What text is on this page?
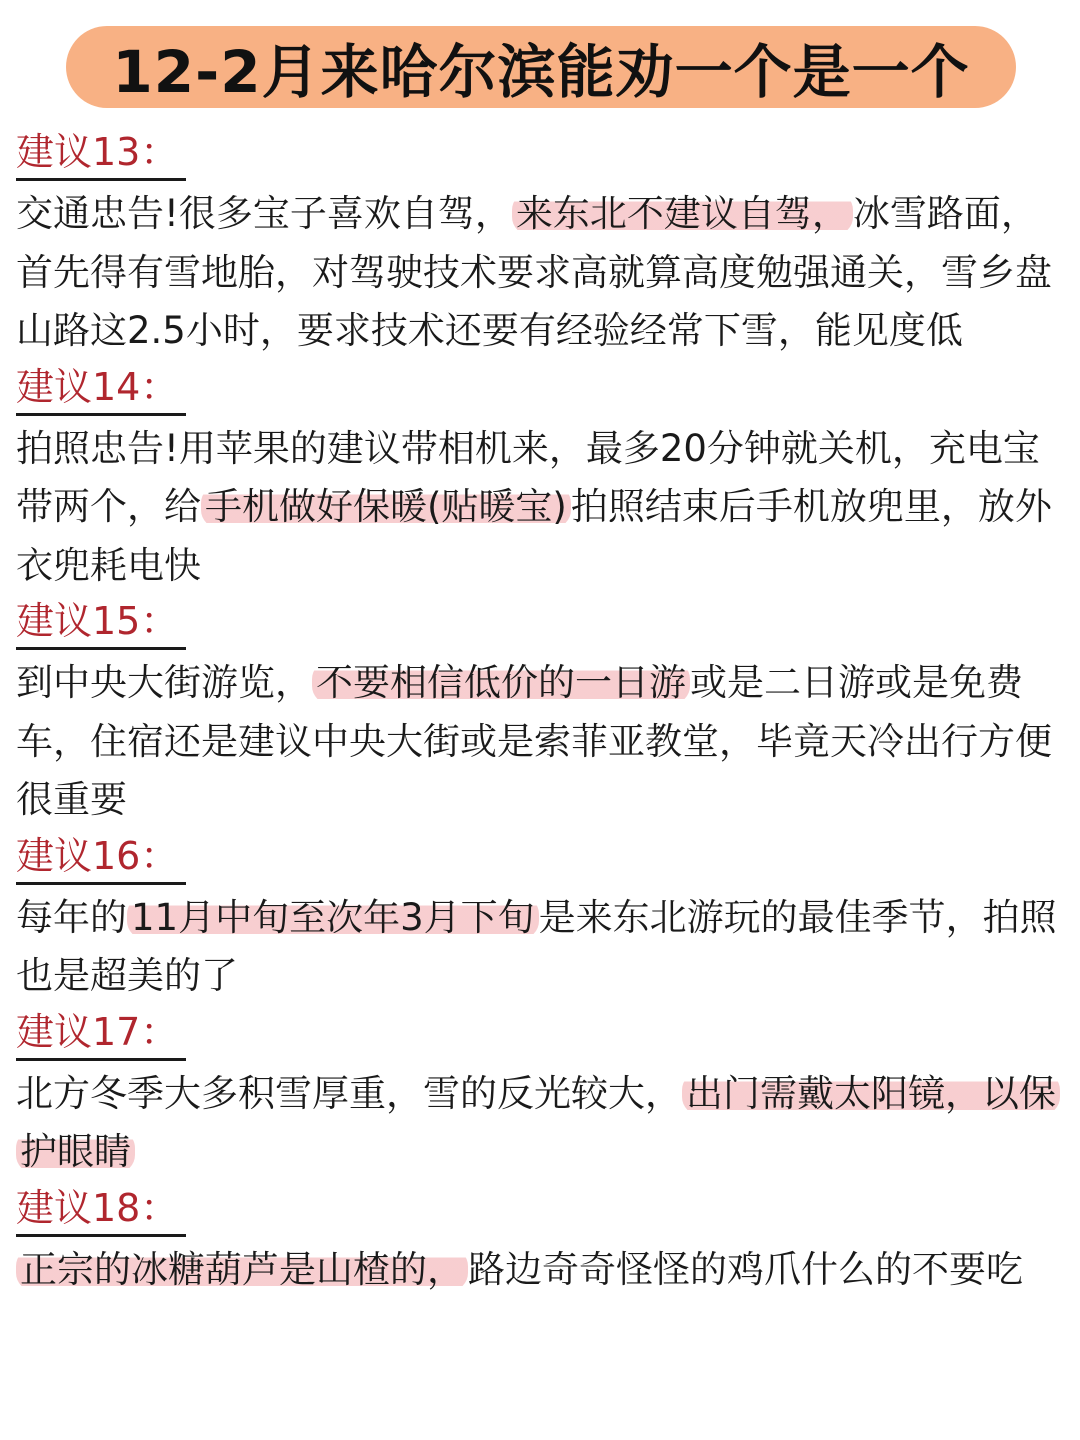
12-2月来哈尔滨能劝一个是一个
建议13：

交通忠告!很多宝子喜欢自驾， 来东北不建议自驾， 冰雪路面，首先得有雪地胎，对驾驶技术要求高就算高度勉强通关，雪乡盘山路这2.5小时，要求技术还要有经验经常下雪，能见度低

建议14：

拍照忠告!用苹果的建议带相机来，最多20分钟就关机，充电宝带两个，给 手机做好保暖(贴暖宝) 拍照结束后手机放兜里，放外衣兜耗电快

建议15：

到中央大街游览， 不要相信低价的一日游 或是二日游或是免费车，住宿还是建议中央大街或是索菲亚教堂，毕竟天冷出行方便很重要

建议16：

每年的 11月中旬至次年3月下旬 是来东北游玩的最佳季节，拍照也是超美的了

建议17：

北方冬季大多积雪厚重，雪的反光较大， 出门需戴太阳镜，以保护眼睛

建议18：

正宗的冰糖葫芦是山楂的， 路边奇奇怪怪的鸡爪什么的不要吃
